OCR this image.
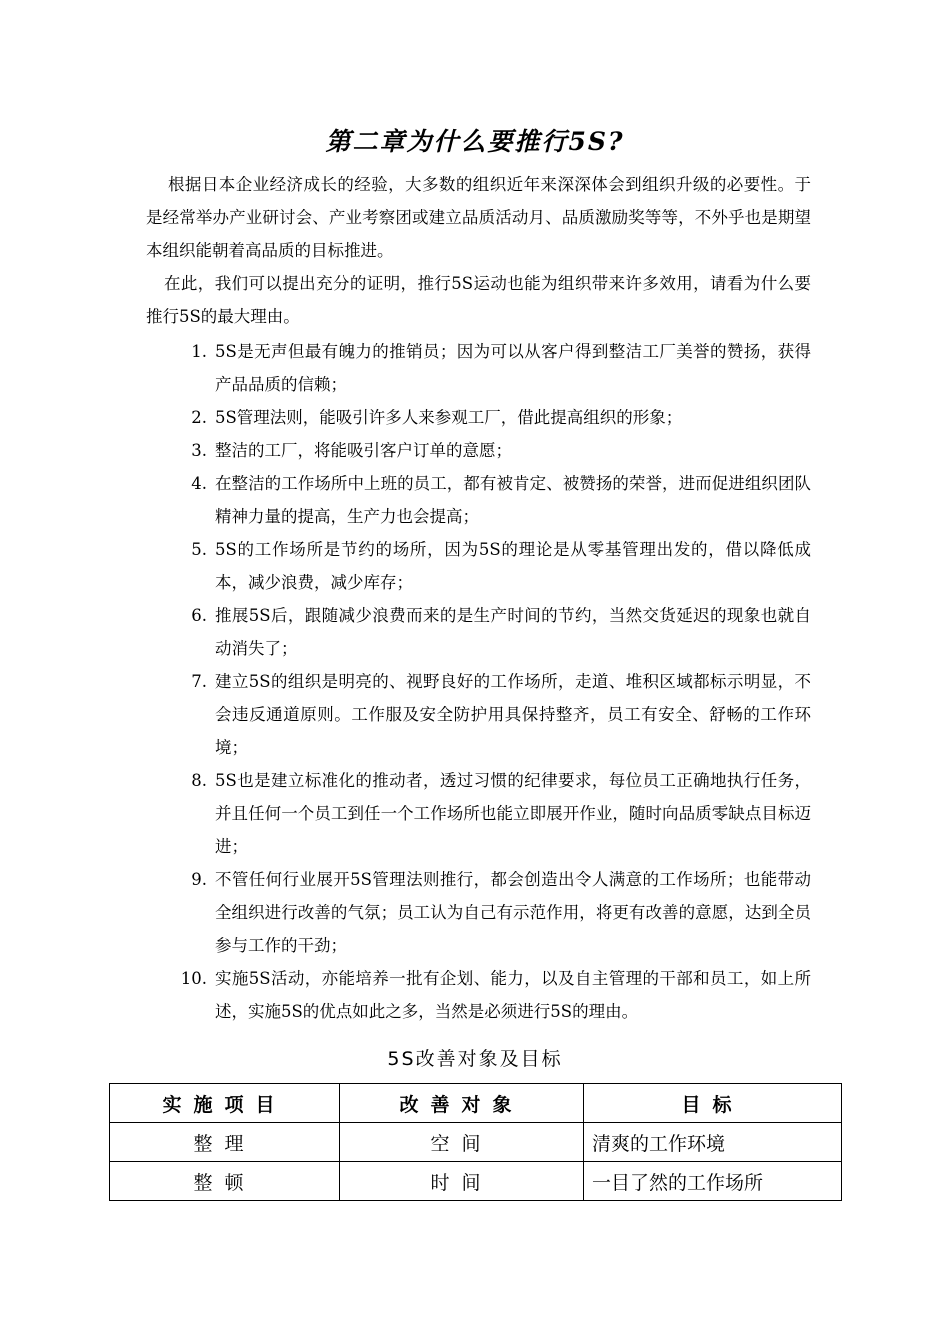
第二章为什么要推行5S?

根据日本企业经济成长的经验，大多数的组织近年来深深体会到组织升级的必要性。于是经常举办产业研讨会、产业考察团或建立品质活动月、品质激励奖等等，不外乎也是期望本组织能朝着高品质的目标推进。

在此，我们可以提出充分的证明，推行5S运动也能为组织带来许多效用，请看为什么要推行5S的最大理由。

1. 5S是无声但最有魄力的推销员；因为可以从客户得到整洁工厂美誉的赞扬，获得产品品质的信赖；
2. 5S管理法则，能吸引许多人来参观工厂，借此提高组织的形象；
3. 整洁的工厂，将能吸引客户订单的意愿；
4. 在整洁的工作场所中上班的员工，都有被肯定、被赞扬的荣誉，进而促进组织团队精神力量的提高，生产力也会提高；
5. 5S的工作场所是节约的场所，因为5S的理论是从零基管理出发的，借以降低成本，减少浪费，减少库存；
6. 推展5S后，跟随减少浪费而来的是生产时间的节约，当然交货延迟的现象也就自动消失了；
7. 建立5S的组织是明亮的、视野良好的工作场所，走道、堆积区域都标示明显，不会违反通道原则。工作服及安全防护用具保持整齐，员工有安全、舒畅的工作环境；
8. 5S也是建立标准化的推动者，透过习惯的纪律要求，每位员工正确地执行任务，并且任何一个员工到任一个工作场所也能立即展开作业，随时向品质零缺点目标迈进；
9. 不管任何行业展开5S管理法则推行，都会创造出令人满意的工作场所；也能带动全组织进行改善的气氛；员工认为自己有示范作用，将更有改善的意愿，达到全员参与工作的干劲；
10. 实施5S活动，亦能培养一批有企划、能力，以及自主管理的干部和员工，如上所述，实施5S的优点如此之多，当然是必须进行5S的理由。
5S改善对象及目标
实施项目	改善对象	目标
整理	空间	清爽的工作环境
整顿	时间	一目了然的工作场所
